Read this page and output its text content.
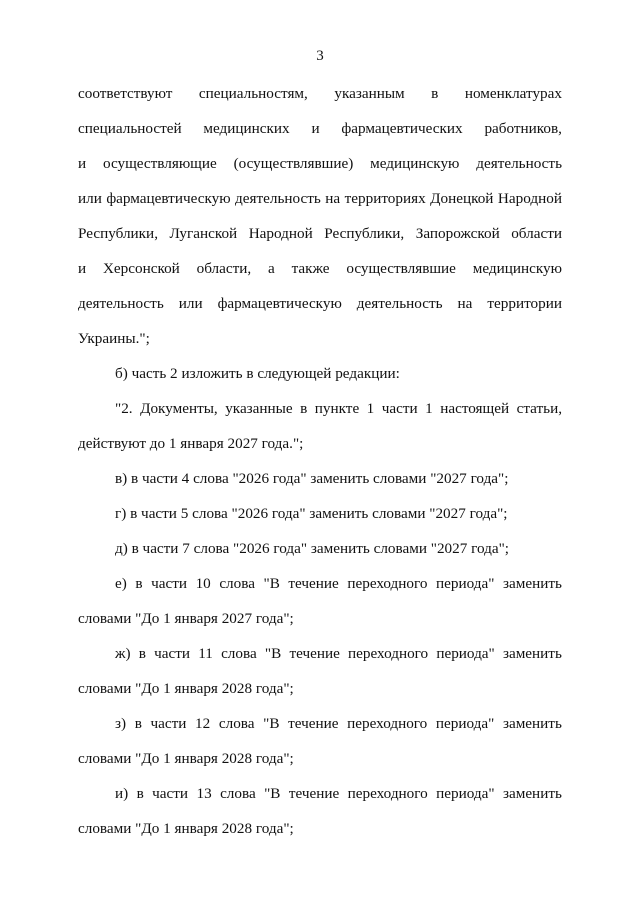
3
соответствуют специальностям, указанным в номенклатурах
специальностей медицинских и фармацевтических работников,
и осуществляющие (осуществлявшие) медицинскую деятельность
или фармацевтическую деятельность на территориях Донецкой Народной
Республики, Луганской Народной Республики, Запорожской области
и Херсонской области, а также осуществлявшие медицинскую
деятельность или фармацевтическую деятельность на территории
Украины.";
б) часть 2 изложить в следующей редакции:
"2. Документы, указанные в пункте 1 части 1 настоящей статьи,
действуют до 1 января 2027 года.";
в) в части 4 слова "2026 года" заменить словами "2027 года";
г) в части 5 слова "2026 года" заменить словами "2027 года";
д) в части 7 слова "2026 года" заменить словами "2027 года";
е) в части 10 слова "В течение переходного периода" заменить
словами "До 1 января 2027 года";
ж) в части 11 слова "В течение переходного периода" заменить
словами "До 1 января 2028 года";
з) в части 12 слова "В течение переходного периода" заменить
словами "До 1 января 2028 года";
и) в части 13 слова "В течение переходного периода" заменить
словами "До 1 января 2028 года";
